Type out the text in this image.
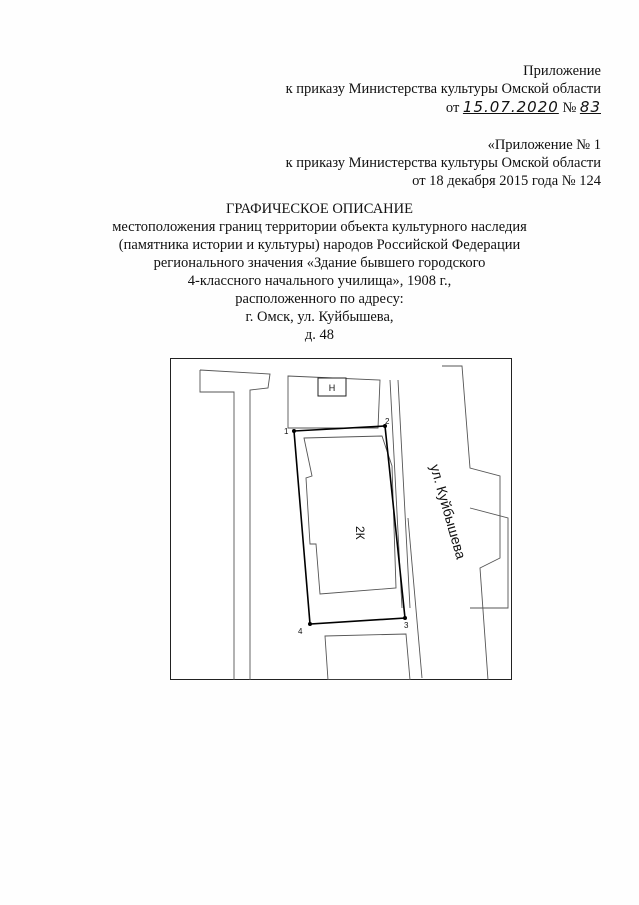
Приложение
к приказу Министерства культуры Омской области
от 15.07.2020 № 83
«Приложение № 1
к приказу Министерства культуры Омской области
от 18 декабря 2015 года № 124
ГРАФИЧЕСКОЕ ОПИСАНИЕ
местоположения границ территории объекта культурного наследия
(памятника истории и культуры) народов Российской Федерации
регионального значения «Здание бывшего городского
4-классного начального училища», 1908 г.,
расположенного по адресу:
г. Омск, ул. Куйбышева,
д. 48
Н
1
2
3
4
2К	ул. Куйбышева
